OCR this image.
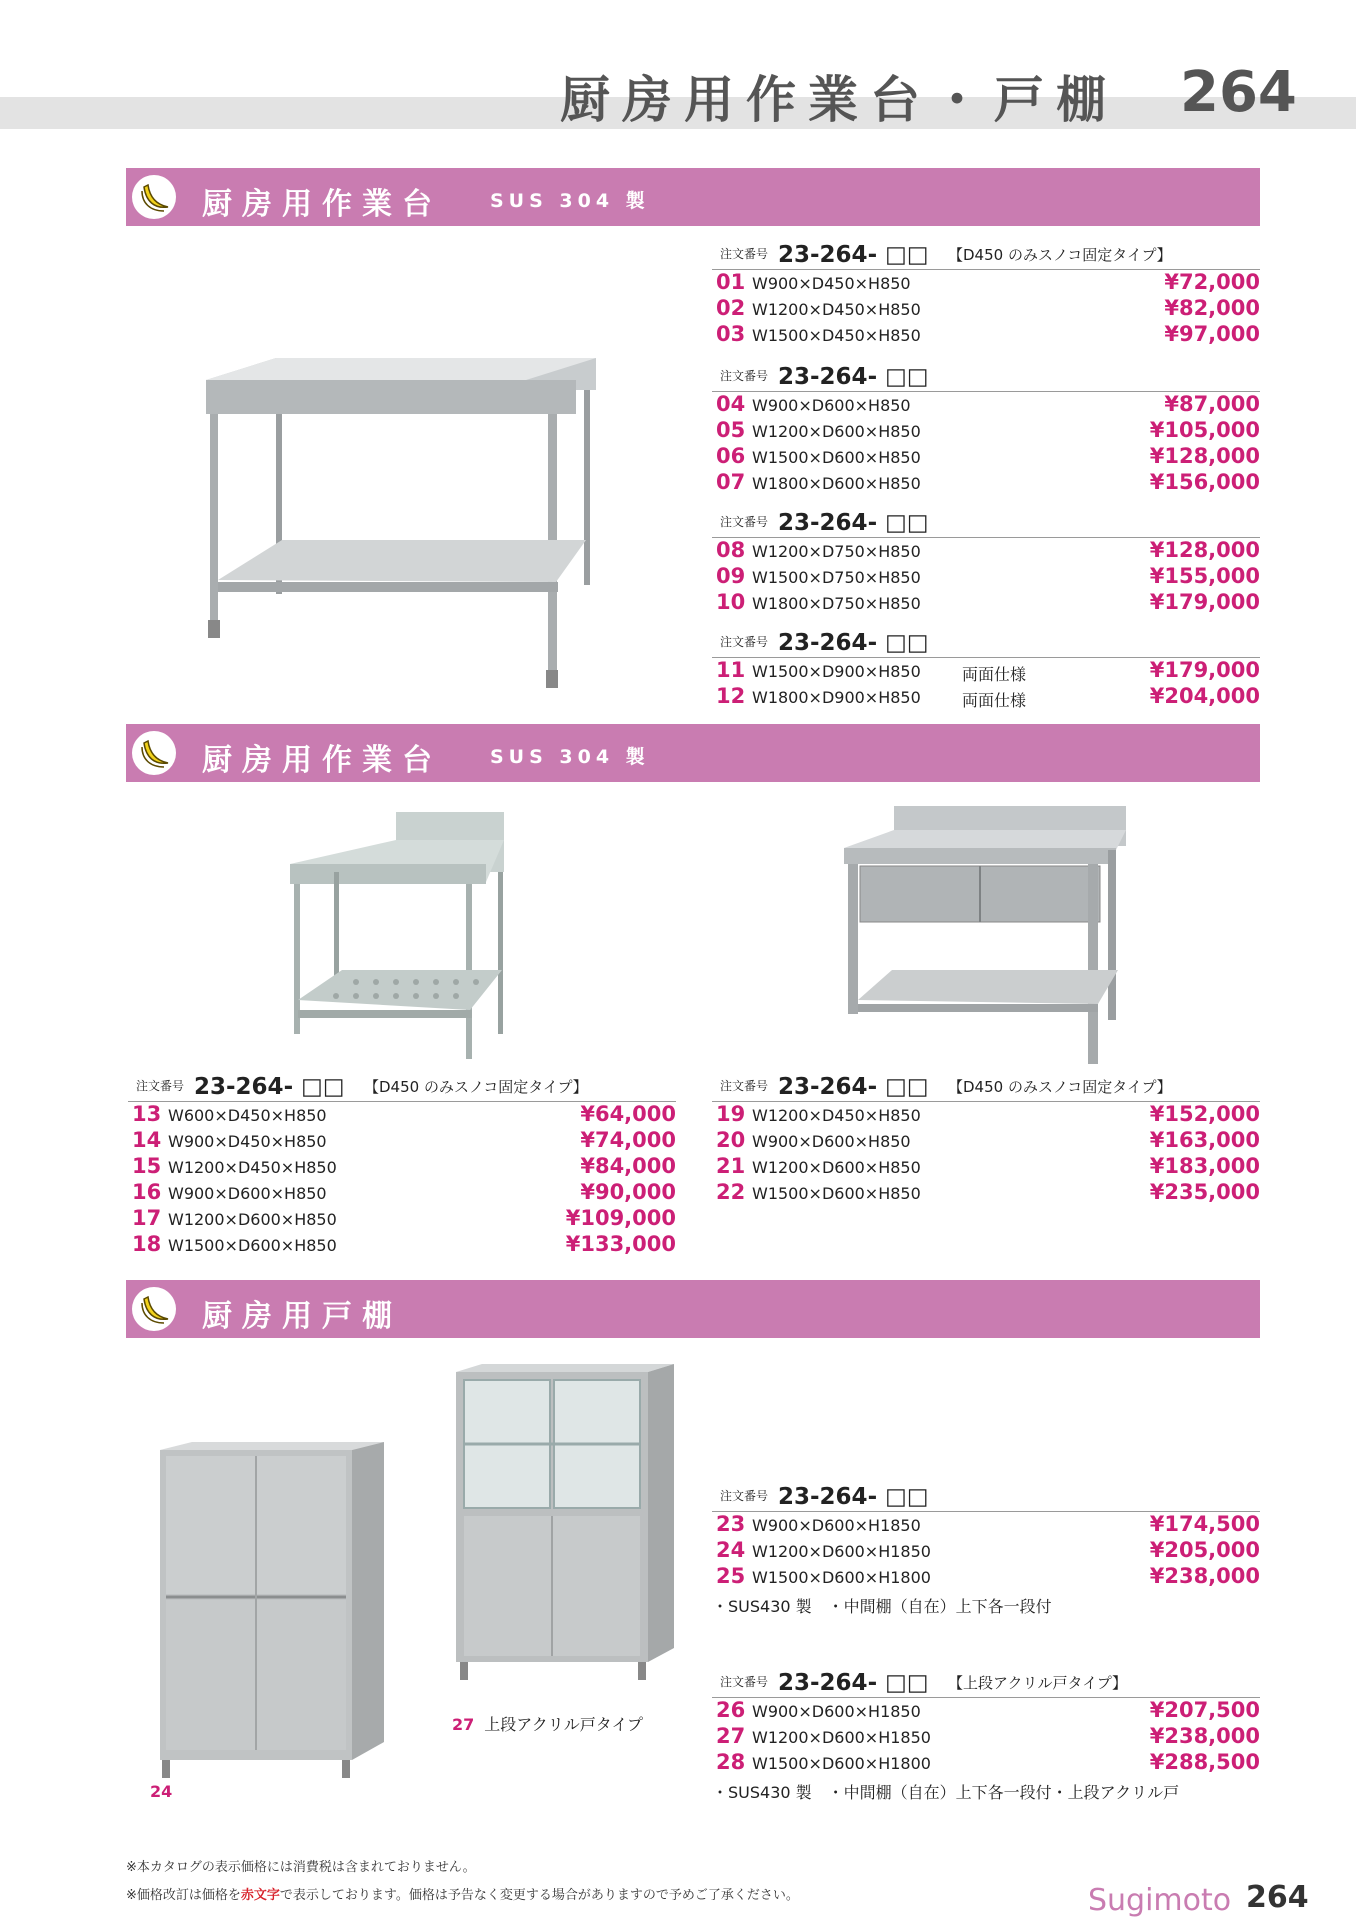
厨房用作業台・戸棚 264
厨房用作業台	SUS 304 製
注文番号 23-264- □□ 【D450 のみスノコ固定タイプ】
01 W900×D450×H850	¥72,000
02 W1200×D450×H850	¥82,000
03 W1500×D450×H850	¥97,000
注文番号 23-264- □□
04 W900×D600×H850	¥87,000
05 W1200×D600×H850	¥105,000
06 W1500×D600×H850	¥128,000
07 W1800×D600×H850	¥156,000
注文番号 23-264- □□
08 W1200×D750×H850	¥128,000
09 W1500×D750×H850	¥155,000
10 W1800×D750×H850	¥179,000
注文番号 23-264- □□
11 W1500×D900×H850	両面仕様	¥179,000
12 W1800×D900×H850	両面仕様	¥204,000
厨房用作業台	SUS 304 製
注文番号 23-264- □□ 【D450 のみスノコ固定タイプ】
13 W600×D450×H850	¥64,000
14 W900×D450×H850	¥74,000
15 W1200×D450×H850	¥84,000
16 W900×D600×H850	¥90,000
17 W1200×D600×H850	¥109,000
18 W1500×D600×H850	¥133,000
注文番号 23-264- □□ 【D450 のみスノコ固定タイプ】
19 W1200×D450×H850	¥152,000
20 W900×D600×H850	¥163,000
21 W1200×D600×H850	¥183,000
22 W1500×D600×H850	¥235,000
厨房用戸棚
24
27 上段アクリル戸タイプ
注文番号 23-264- □□
23 W900×D600×H1850	¥174,500
24 W1200×D600×H1850	¥205,000
25 W1500×D600×H1800	¥238,000
・SUS430 製　・中間棚（自在）上下各一段付
注文番号 23-264- □□ 【上段アクリル戸タイプ】
26 W900×D600×H1850	¥207,500
27 W1200×D600×H1850	¥238,000
28 W1500×D600×H1800	¥288,500
・SUS430 製　・中間棚（自在）上下各一段付・上段アクリル戸
※本カタログの表示価格には消費税は含まれておりません。
※価格改訂は価格を赤文字で表示しております。価格は予告なく変更する場合がありますので予めご了承ください。	Sugimoto 264
